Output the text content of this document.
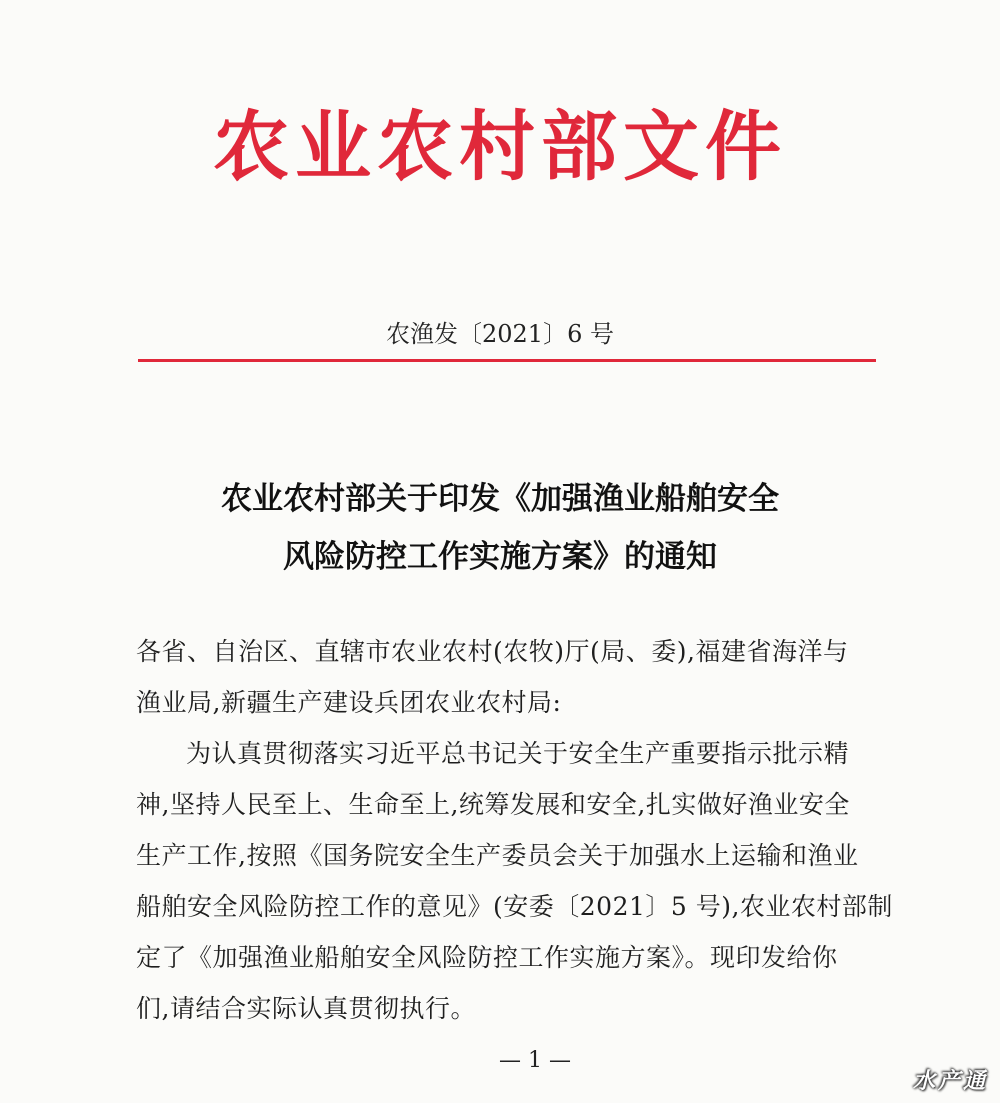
农业农村部文件
农渔发〔2021〕6 号
农业农村部关于印发《加强渔业船舶安全
风险防控工作实施方案》的通知
各省、自治区、直辖市农业农村(农牧)厅(局、委),福建省海洋与
渔业局,新疆生产建设兵团农业农村局:
为认真贯彻落实习近平总书记关于安全生产重要指示批示精
神,坚持人民至上、生命至上,统筹发展和安全,扎实做好渔业安全
生产工作,按照《国务院安全生产委员会关于加强水上运输和渔业
船舶安全风险防控工作的意见》(安委〔2021〕5 号),农业农村部制
定了《加强渔业船舶安全风险防控工作实施方案》。现印发给你
们,请结合实际认真贯彻执行。
— 1 —
水产通
